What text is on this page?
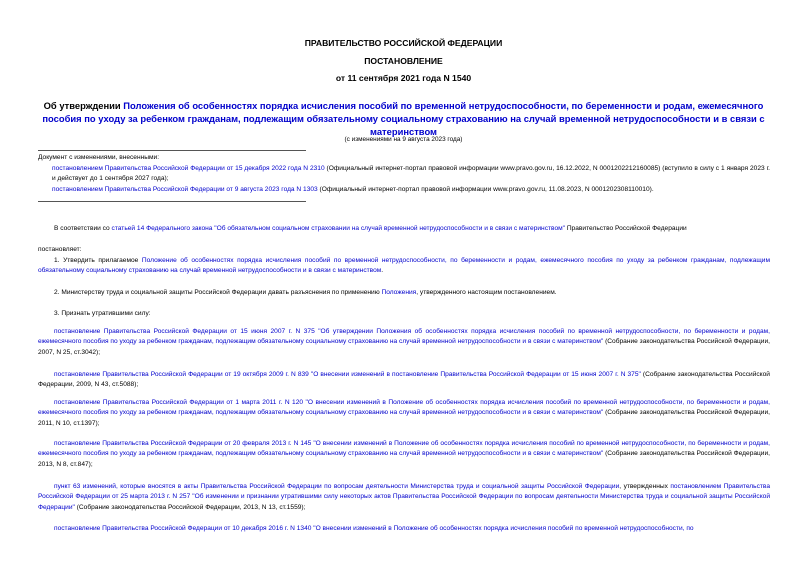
ПРАВИТЕЛЬСТВО РОССИЙСКОЙ ФЕДЕРАЦИИ
ПОСТАНОВЛЕНИЕ
от 11 сентября 2021 года N 1540
Об утверждении Положения об особенностях порядка исчисления пособий по временной нетрудоспособности, по беременности и родам, ежемесячного пособия по уходу за ребенком гражданам, подлежащим обязательному социальному страхованию на случай временной нетрудоспособности и в связи с материнством
(с изменениями на 9 августа 2023 года)
Документ с изменениями, внесенными:
постановлением Правительства Российской Федерации от 15 декабря 2022 года N 2310 (Официальный интернет-портал правовой информации www.pravo.gov.ru, 16.12.2022, N 0001202212160085) (вступило в силу с 1 января 2023 г. и действует до 1 сентября 2027 года);
постановлением Правительства Российской Федерации от 9 августа 2023 года N 1303 (Официальный интернет-портал правовой информации www.pravo.gov.ru, 11.08.2023, N 0001202308110010).
В соответствии со статьей 14 Федерального закона "Об обязательном социальном страховании на случай временной нетрудоспособности и в связи с материнством" Правительство Российской Федерации
постановляет:
1. Утвердить прилагаемое Положение об особенностях порядка исчисления пособий по временной нетрудоспособности, по беременности и родам, ежемесячного пособия по уходу за ребенком гражданам, подлежащим обязательному социальному страхованию на случай временной нетрудоспособности и в связи с материнством.
2. Министерству труда и социальной защиты Российской Федерации давать разъяснения по применению Положения, утвержденного настоящим постановлением.
3. Признать утратившими силу:
постановление Правительства Российской Федерации от 15 июня 2007 г. N 375 "Об утверждении Положения об особенностях порядка исчисления пособий по временной нетрудоспособности, по беременности и родам, ежемесячного пособия по уходу за ребенком гражданам, подлежащим обязательному социальному страхованию на случай временной нетрудоспособности и в связи с материнством" (Собрание законодательства Российской Федерации, 2007, N 25, ст.3042);
постановление Правительства Российской Федерации от 19 октября 2009 г. N 839 "О внесении изменений в постановление Правительства Российской Федерации от 15 июня 2007 г. N 375" (Собрание законодательства Российской Федерации, 2009, N 43, ст.5088);
постановление Правительства Российской Федерации от 1 марта 2011 г. N 120 "О внесении изменений в Положение об особенностях порядка исчисления пособий по временной нетрудоспособности, по беременности и родам, ежемесячного пособия по уходу за ребенком гражданам, подлежащим обязательному социальному страхованию на случай временной нетрудоспособности и в связи с материнством" (Собрание законодательства Российской Федерации, 2011, N 10, ст.1397);
постановление Правительства Российской Федерации от 20 февраля 2013 г. N 145 "О внесении изменений в Положение об особенностях порядка исчисления пособий по временной нетрудоспособности, по беременности и родам, ежемесячного пособия по уходу за ребенком гражданам, подлежащим обязательному социальному страхованию на случай временной нетрудоспособности и в связи с материнством" (Собрание законодательства Российской Федерации, 2013, N 8, ст.847);
пункт 63 изменений, которые вносятся в акты Правительства Российской Федерации по вопросам деятельности Министерства труда и социальной защиты Российской Федерации, утвержденных постановлением Правительства Российской Федерации от 25 марта 2013 г. N 257 "Об изменении и признании утратившими силу некоторых актов Правительства Российской Федерации по вопросам деятельности Министерства труда и социальной защиты Российской Федерации" (Собрание законодательства Российской Федерации, 2013, N 13, ст.1559);
постановление Правительства Российской Федерации от 10 декабря 2016 г. N 1340 "О внесении изменений в Положение об особенностях порядка исчисления пособий по временной нетрудоспособности, по
